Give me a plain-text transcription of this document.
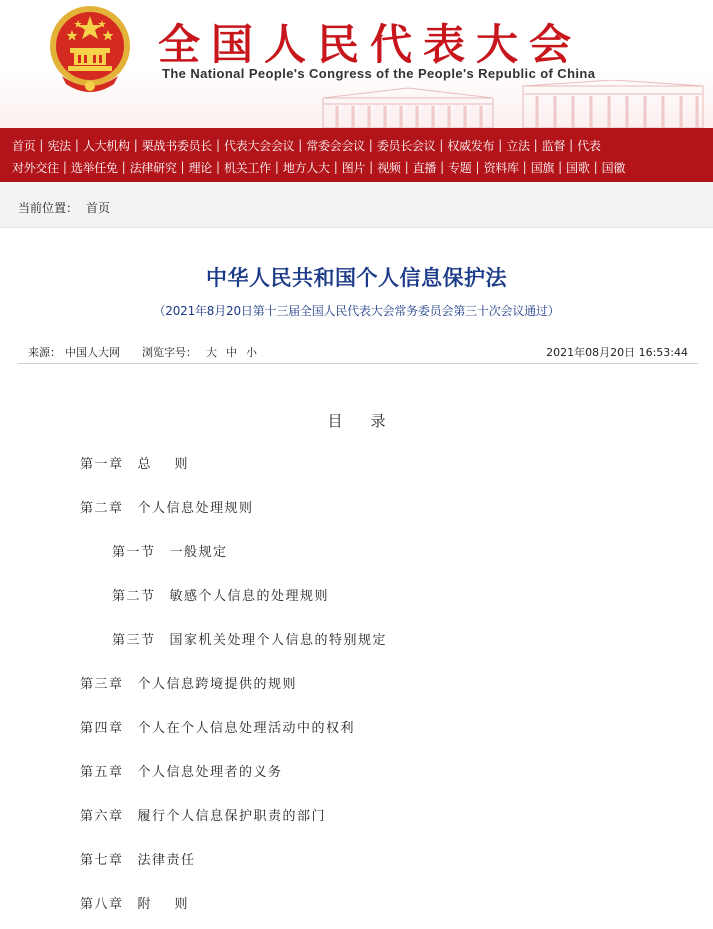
全国人民代表大会
The National People's Congress of the People's Republic of China
首页 | 宪法 | 人大机构 | 栗战书委员长 | 代表大会会议 | 常委会会议 | 委员长会议 | 权威发布 | 立法 | 监督 | 代表
对外交往 | 选举任免 | 法律研究 | 理论 | 机关工作 | 地方人大 | 图片 | 视频 | 直播 | 专题 | 资料库 | 国旗 | 国歌 | 国徽
当前位置： 首页
中华人民共和国个人信息保护法
（2021年8月20日第十三届全国人民代表大会常务委员会第三十次会议通过）
来源： 中国人大网 浏览字号： 大 中 小	2021年08月20日 16:53:44
目录
第一章 总则
第二章 个人信息处理规则
第一节 一般规定
第二节 敏感个人信息的处理规则
第三节 国家机关处理个人信息的特别规定
第三章 个人信息跨境提供的规则
第四章 个人在个人信息处理活动中的权利
第五章 个人信息处理者的义务
第六章 履行个人信息保护职责的部门
第七章 法律责任
第八章 附则
